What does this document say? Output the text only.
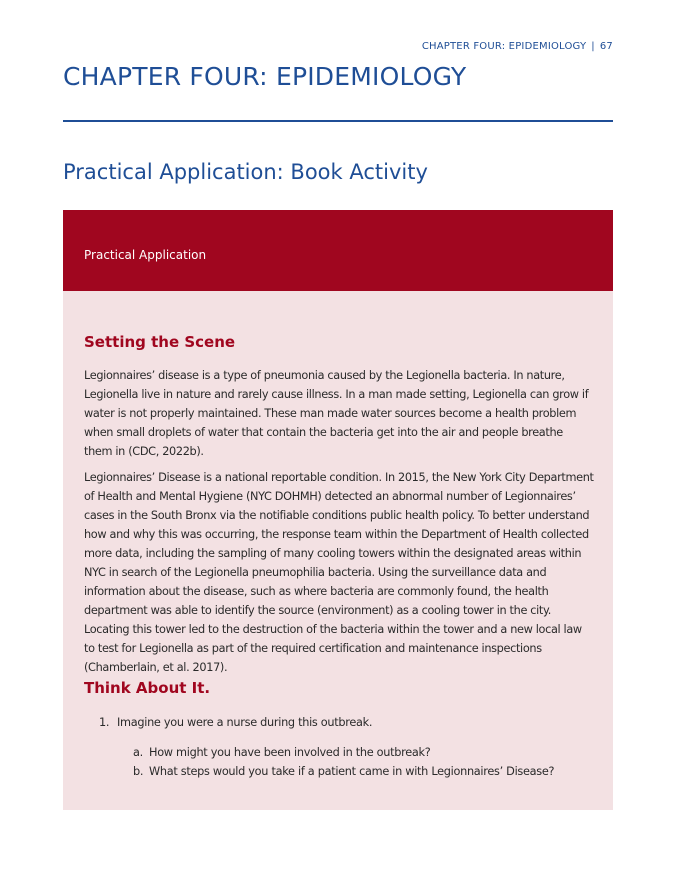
CHAPTER FOUR: EPIDEMIOLOGY | 67
CHAPTER FOUR: EPIDEMIOLOGY
Practical Application: Book Activity
Practical Application
Setting the Scene

Legionnaires’ disease is a type of pneumonia caused by the Legionella bacteria. In nature, Legionella live in nature and rarely cause illness. In a man made setting, Legionella can grow if water is not properly maintained. These man made water sources become a health problem when small droplets of water that contain the bacteria get into the air and people breathe them in (CDC, 2022b).

Legionnaires’ Disease is a national reportable condition. In 2015, the New York City Department of Health and Mental Hygiene (NYC DOHMH) detected an abnormal number of Legionnaires’ cases in the South Bronx via the notifiable conditions public health policy. To better understand how and why this was occurring, the response team within the Department of Health collected more data, including the sampling of many cooling towers within the designated areas within NYC in search of the Legionella pneumophilia bacteria. Using the surveillance data and information about the disease, such as where bacteria are commonly found, the health department was able to identify the source (environment) as a cooling tower in the city. Locating this tower led to the destruction of the bacteria within the tower and a new local law to test for Legionella as part of the required certification and maintenance inspections (Chamberlain, et al. 2017).

Think About It.
1. Imagine you were a nurse during this outbreak.
a. How might you have been involved in the outbreak?
b. What steps would you take if a patient came in with Legionnaires’ Disease?
